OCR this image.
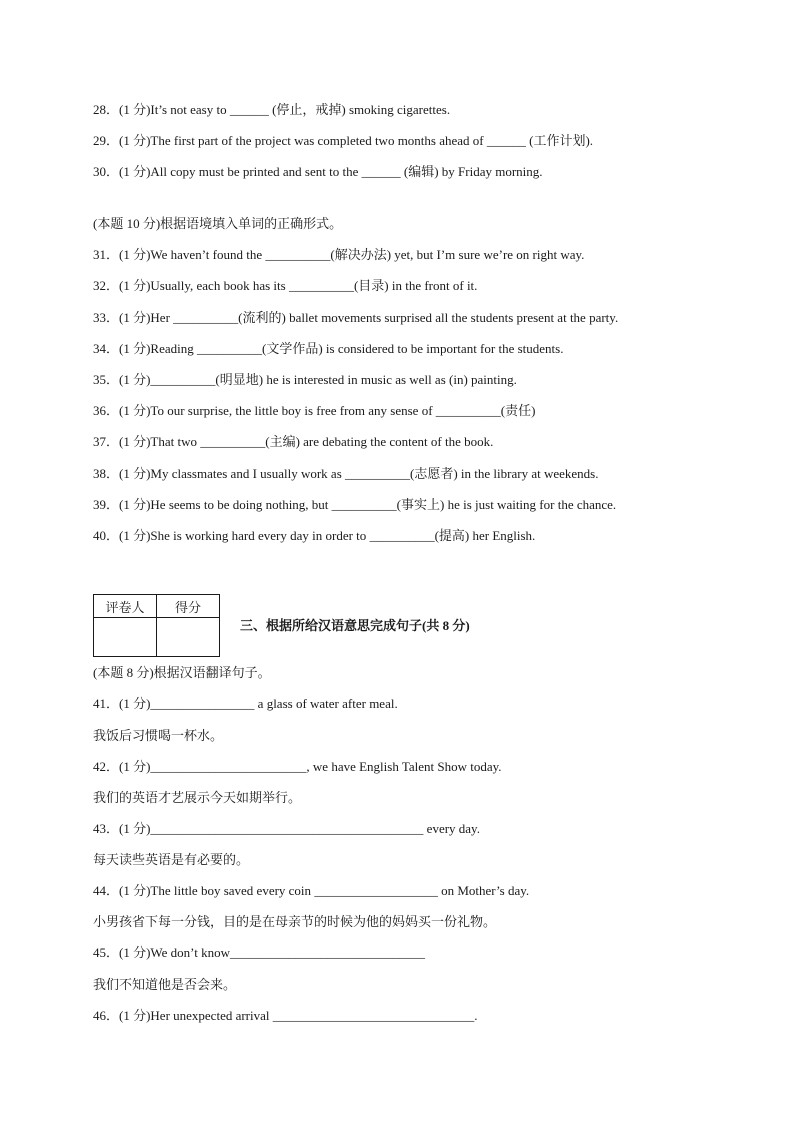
28．(1 分)It’s not easy to ______ (停止，戒掉) smoking cigarettes.
29．(1 分)The first part of the project was completed two months ahead of ______ (工作计划).
30．(1 分)All copy must be printed and sent to the ______ (编辑) by Friday morning.
(本题 10 分)根据语境填入单词的正确形式。
31．(1 分)We haven’t found the __________(解决办法) yet, but I’m sure we’re on right way.
32．(1 分)Usually, each book has its __________(目录) in the front of it.
33．(1 分)Her __________(流利的) ballet movements surprised all the students present at the party.
34．(1 分)Reading __________(文学作品) is considered to be important for the students.
35．(1 分)__________(明显地) he is interested in music as well as (in) painting.
36．(1 分)To our surprise, the little boy is free from any sense of __________(责任)
37．(1 分)That two __________(主编) are debating the content of the book.
38．(1 分)My classmates and I usually work as __________(志愿者) in the library at weekends.
39．(1 分)He seems to be doing nothing, but __________(事实上) he is just waiting for the chance.
40．(1 分)She is working hard every day in order to __________(提高) her English.
评卷人	得分

三、根据所给汉语意思完成句子(共 8 分)
(本题 8 分)根据汉语翻译句子。
41．(1 分)________________ a glass of water after meal.
我饭后习惯喝一杯水。
42．(1 分)________________________, we have English Talent Show today.
我们的英语才艺展示今天如期举行。
43．(1 分)__________________________________________ every day.
每天读些英语是有必要的。
44．(1 分)The little boy saved every coin ___________________ on Mother’s day.
小男孩省下每一分钱，目的是在母亲节的时候为他的妈妈买一份礼物。
45．(1 分)We don’t know______________________________
我们不知道他是否会来。
46．(1 分)Her unexpected arrival _______________________________.
